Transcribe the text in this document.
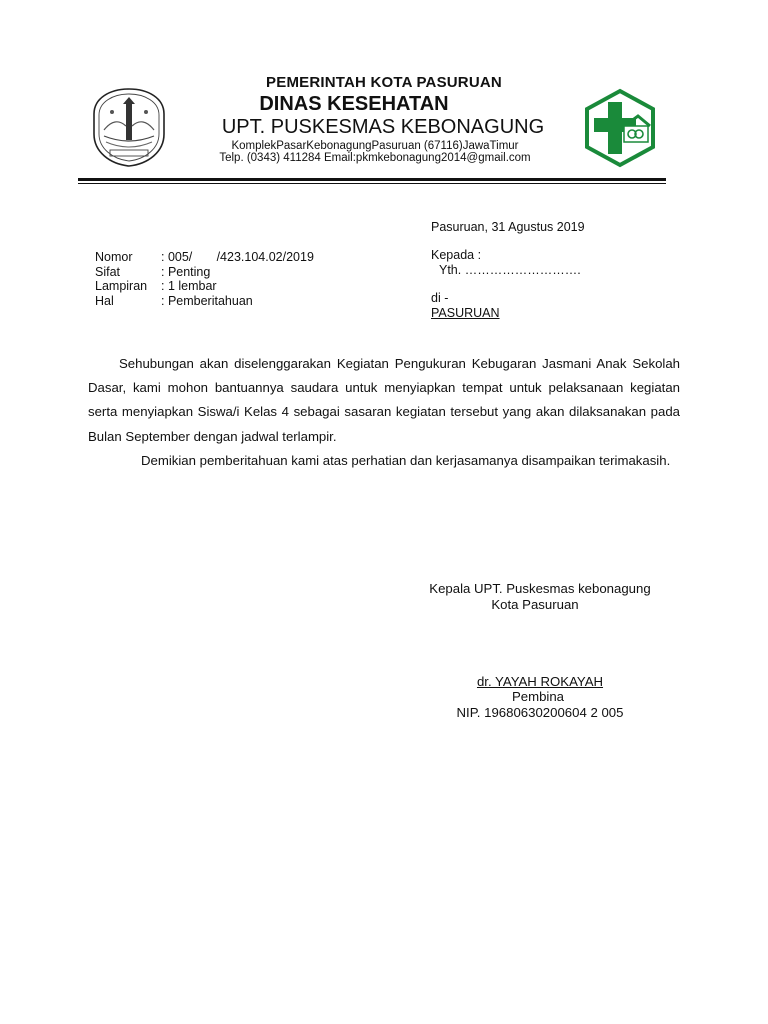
PEMERINTAH KOTA PASURUAN
DINAS KESEHATAN
UPT. PUSKESMAS KEBONAGUNG
KomplekPasarKebonagungPasuruan (67116)JawaTimur
Telp. (0343) 411284 Email:pkmkebonagung2014@gmail.com
Nomor	: 005/       /423.104.02/2019
Sifat	: Penting
Lampiran	: 1 lembar
Hal	: Pemberitahuan
Pasuruan, 31 Agustus 2019
Kepada :
Yth. ……………………….
di -
PASURUAN

Sehubungan akan diselenggarakan Kegiatan Pengukuran Kebugaran Jasmani Anak Sekolah Dasar, kami mohon bantuannya saudara untuk menyiapkan tempat untuk pelaksanaan kegiatan serta menyiapkan Siswa/i Kelas 4 sebagai sasaran kegiatan tersebut yang akan dilaksanakan pada Bulan September dengan jadwal terlampir.

Demikian pemberitahuan kami atas perhatian dan kerjasamanya disampaikan terimakasih.

Kepala UPT. Puskesmas kebonagung
Kota Pasuruan
dr. YAYAH ROKAYAH
Pembina
NIP. 19680630200604 2 005
